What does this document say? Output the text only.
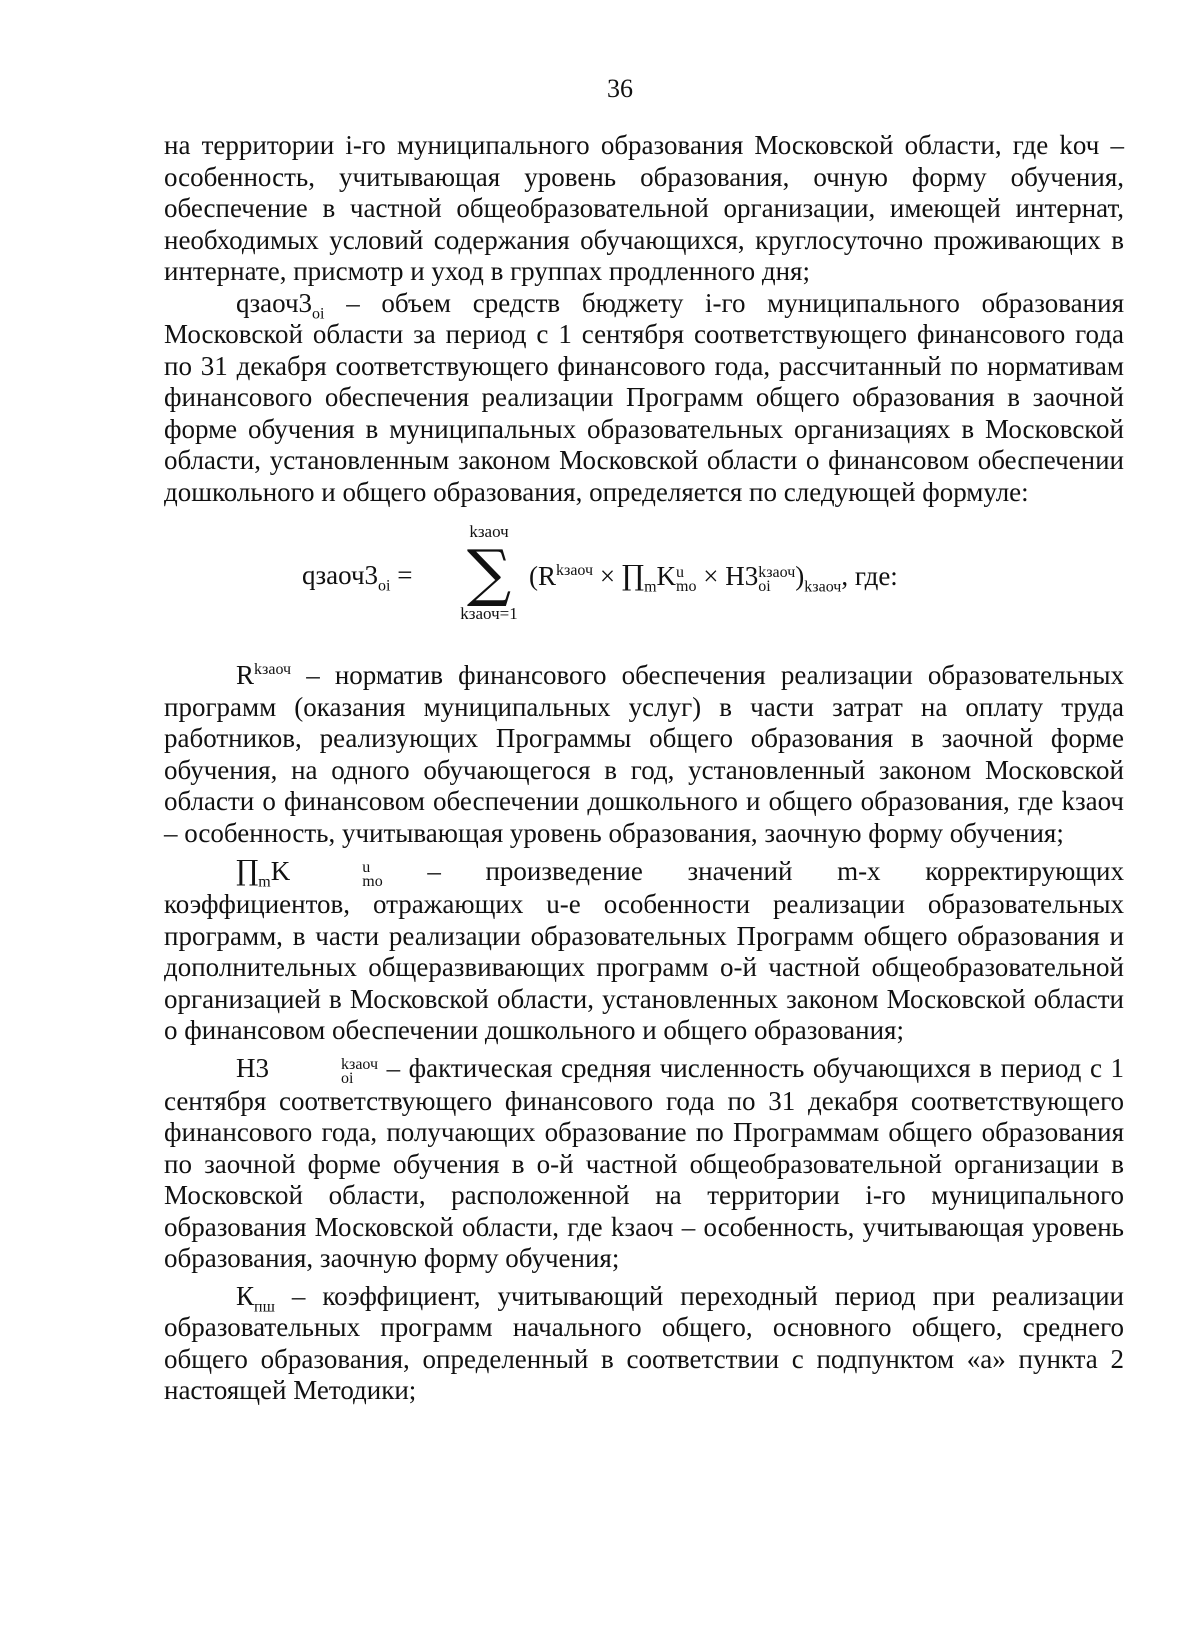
36

на территории i-го муниципального образования Московской области, где kоч – особенность, учитывающая уровень образования, очную форму обучения, обеспечение в частной общеобразовательной организации, имеющей интернат, необходимых условий содержания обучающихся, круглосуточно проживающих в интернате, присмотр и уход в группах продленного дня;

$qзаоч3_{oi}$ – объем средств бюджету i-го муниципального образования Московской области за период с 1 сентября соответствующего финансового года по 31 декабря соответствующего финансового года, рассчитанный по нормативам финансового обеспечения реализации Программ общего образования в заочной форме обучения в муниципальных образовательных организациях в Московской области, установленным законом Московской области о финансовом обеспечении дошкольного и общего образования, определяется по следующей формуле:

$qзаоч3_{oi}$ =
kзаоч
∑
kзаоч=1
($R^{kзаоч}$ × $\prod_mK$ u
mo × Н3 kзаоч
oi )$_{kзаоч}$, где:

$R^{kзаоч}$ – норматив финансового обеспечения реализации образовательных программ (оказания муниципальных услуг) в части затрат на оплату труда работников, реализующих Программы общего образования в заочной форме обучения, на одного обучающегося в год, установленный законом Московской области о финансовом обеспечении дошкольного и общего образования, где kзаоч – особенность, учитывающая уровень образования, заочную форму обучения;

$\prod_mK$	u
mo – произведение значений m-х корректирующих коэффициентов, отражающих u-е особенности реализации образовательных программ, в части реализации образовательных Программ общего образования и дополнительных общеразвивающих программ о-й частной общеобразовательной организацией в Московской области, установленных законом Московской области о финансовом обеспечении дошкольного и общего образования;

Н3	kзаоч
oi – фактическая средняя численность обучающихся в период с 1 сентября соответствующего финансового года по 31 декабря соответствующего финансового года, получающих образование по Программам общего образования по заочной форме обучения в о-й частной общеобразовательной организации в Московской области, расположенной на территории i-го муниципального образования Московской области, где kзаоч – особенность, учитывающая уровень образования, заочную форму обучения;

$К_{пш}$ – коэффициент, учитывающий переходный период при реализации образовательных программ начального общего, основного общего, среднего общего образования, определенный в соответствии с подпунктом «а» пункта 2 настоящей Методики;
